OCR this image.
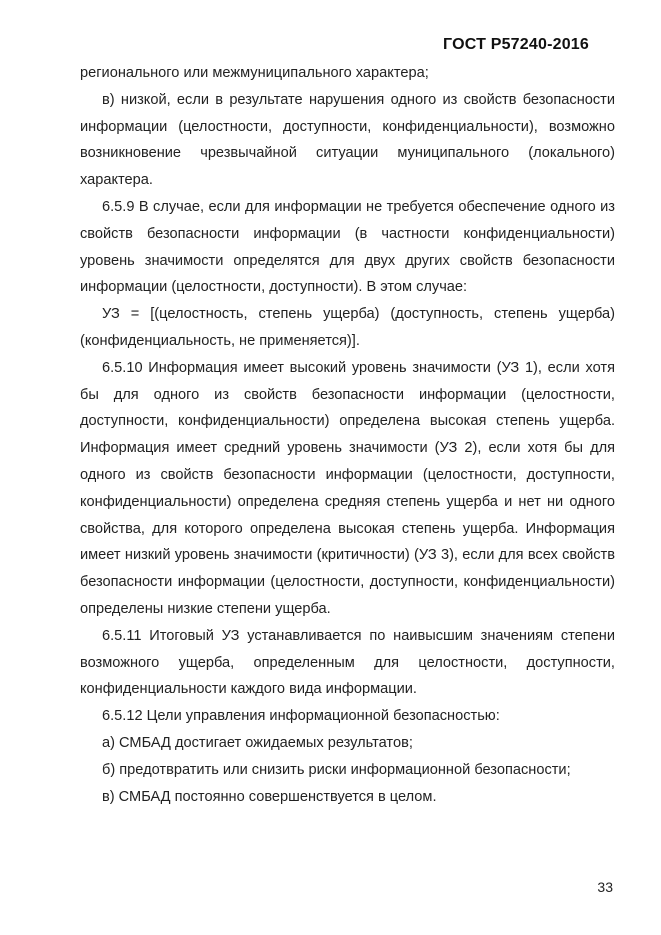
ГОСТ Р57240-2016

регионального или межмуниципального характера;

в) низкой, если в результате нарушения одного из свойств безопасности информации (целостности, доступности, конфиденциальности), возможно возникновение чрезвычайной ситуации муниципального (локального) характера.

6.5.9 В случае, если для информации не требуется обеспечение одного из свойств безопасности информации (в частности конфиденциальности) уровень значимости определятся для двух других свойств безопасности информации (целостности, доступности). В этом случае:

УЗ = [(целостность, степень ущерба) (доступность, степень ущерба) (конфиденциальность, не применяется)].

6.5.10 Информация имеет высокий уровень значимости (УЗ 1), если хотя бы для одного из свойств безопасности информации (целостности, доступности, конфиденциальности) определена высокая степень ущерба. Информация имеет средний уровень значимости (УЗ 2), если хотя бы для одного из свойств безопасности информации (целостности, доступности, конфиденциальности) определена средняя степень ущерба и нет ни одного свойства, для которого определена высокая степень ущерба. Информация имеет низкий уровень значимости (критичности) (УЗ 3), если для всех свойств безопасности информации (целостности, доступности, конфиденциальности) определены низкие степени ущерба.

6.5.11 Итоговый УЗ устанавливается по наивысшим значениям степени возможного ущерба, определенным для целостности, доступности, конфиденциальности каждого вида информации.

6.5.12 Цели управления информационной безопасностью:

а) СМБАД достигает ожидаемых результатов;

б) предотвратить или снизить риски информационной безопасности;

в) СМБАД постоянно совершенствуется в целом.

33
